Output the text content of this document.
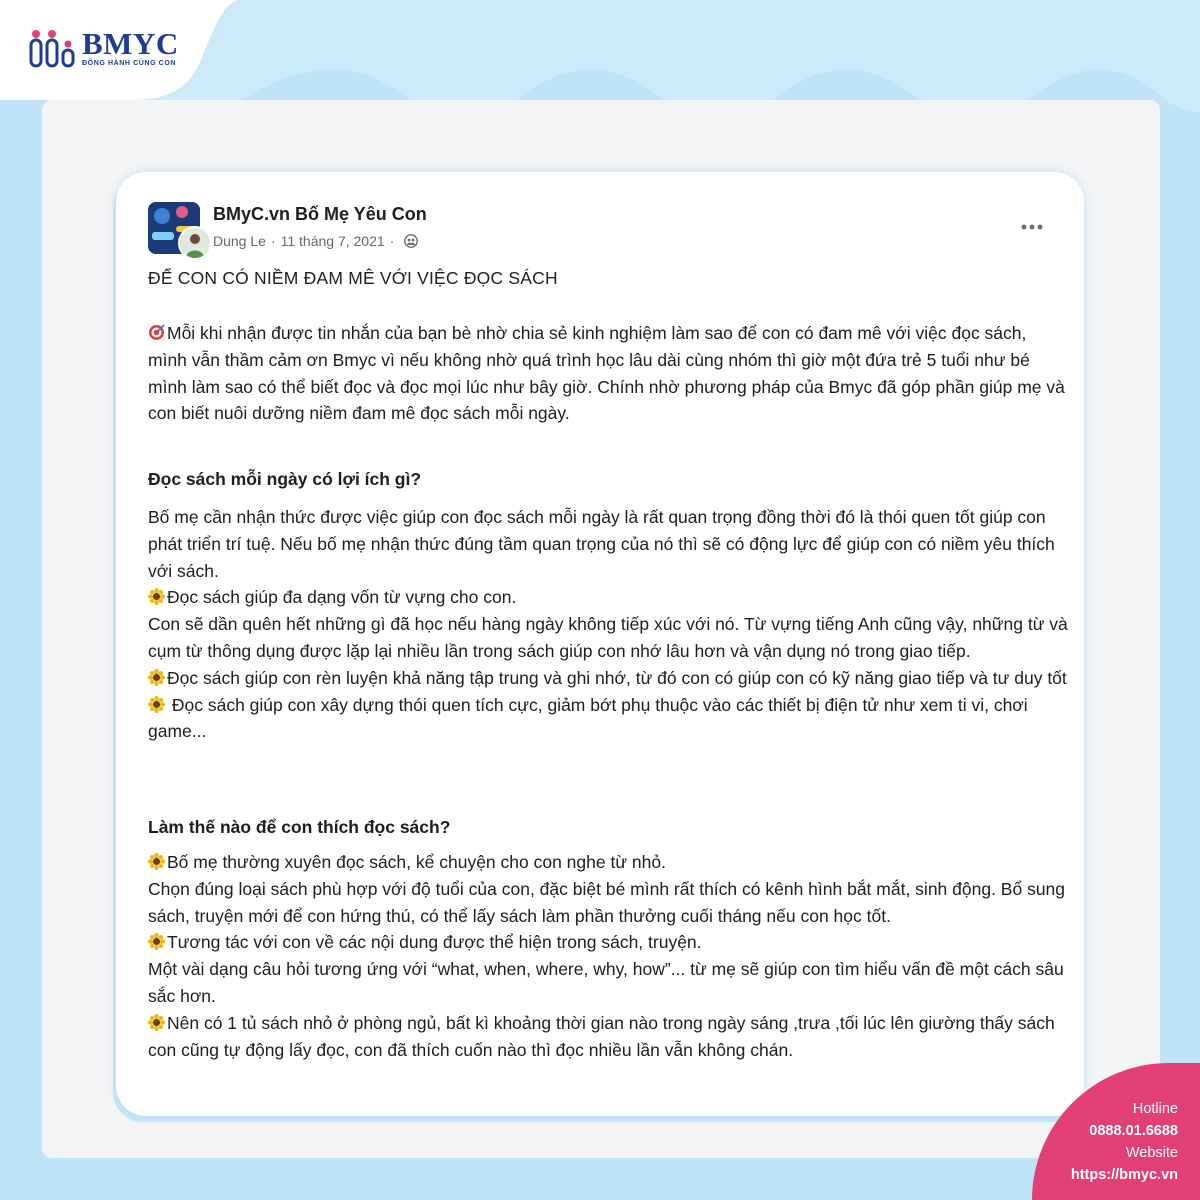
BMYC
ĐỒNG HÀNH CÙNG CON
BMyC.vn Bố Mẹ Yêu Con
Dung Le · 11 tháng 7, 2021 ·
ĐỂ CON CÓ NIỀM ĐAM MÊ VỚI VIỆC ĐỌC SÁCH
Mỗi khi nhận được tin nhắn của bạn bè nhờ chia sẻ kinh nghiệm làm sao để con có đam mê với việc đọc sách, mình vẫn thầm cảm ơn Bmyc vì nếu không nhờ quá trình học lâu dài cùng nhóm thì giờ một đứa trẻ 5 tuổi như bé mình làm sao có thể biết đọc và đọc mọi lúc như bây giờ. Chính nhờ phương pháp của Bmyc đã góp phần giúp mẹ và con biết nuôi dưỡng niềm đam mê đọc sách mỗi ngày.
Đọc sách mỗi ngày có lợi ích gì?
Bố mẹ cần nhận thức được việc giúp con đọc sách mỗi ngày là rất quan trọng đồng thời đó là thói quen tốt giúp con phát triển trí tuệ. Nếu bố mẹ nhận thức đúng tầm quan trọng của nó thì sẽ có động lực để giúp con có niềm yêu thích với sách.
Đọc sách giúp đa dạng vốn từ vựng cho con.
Con sẽ dần quên hết những gì đã học nếu hàng ngày không tiếp xúc với nó. Từ vựng tiếng Anh cũng vậy, những từ và cụm từ thông dụng được lặp lại nhiều lần trong sách giúp con nhớ lâu hơn và vận dụng nó trong giao tiếp.
Đọc sách giúp con rèn luyện khả năng tập trung và ghi nhớ, từ đó con có giúp con có kỹ năng giao tiếp và tư duy tốt
Đọc sách giúp con xây dựng thói quen tích cực, giảm bớt phụ thuộc vào các thiết bị điện tử như xem ti vi, chơi game...
Làm thế nào để con thích đọc sách?
Bố mẹ thường xuyên đọc sách, kể chuyện cho con nghe từ nhỏ.
Chọn đúng loại sách phù hợp với độ tuổi của con, đặc biệt bé mình rất thích có kênh hình bắt mắt, sinh động. Bổ sung sách, truyện mới để con hứng thú, có thể lấy sách làm phần thưởng cuối tháng nếu con học tốt.
Tương tác với con về các nội dung được thể hiện trong sách, truyện.
Một vài dạng câu hỏi tương ứng với “what, when, where, why, how”... từ mẹ sẽ giúp con tìm hiểu vấn đề một cách sâu sắc hơn.
Nên có 1 tủ sách nhỏ ở phòng ngủ, bất kì khoảng thời gian nào trong ngày sáng ,trưa ,tối lúc lên giường thấy sách con cũng tự động lấy đọc, con đã thích cuốn nào thì đọc nhiều lần vẫn không chán.
Hotline
0888.01.6688
Website
https://bmyc.vn
